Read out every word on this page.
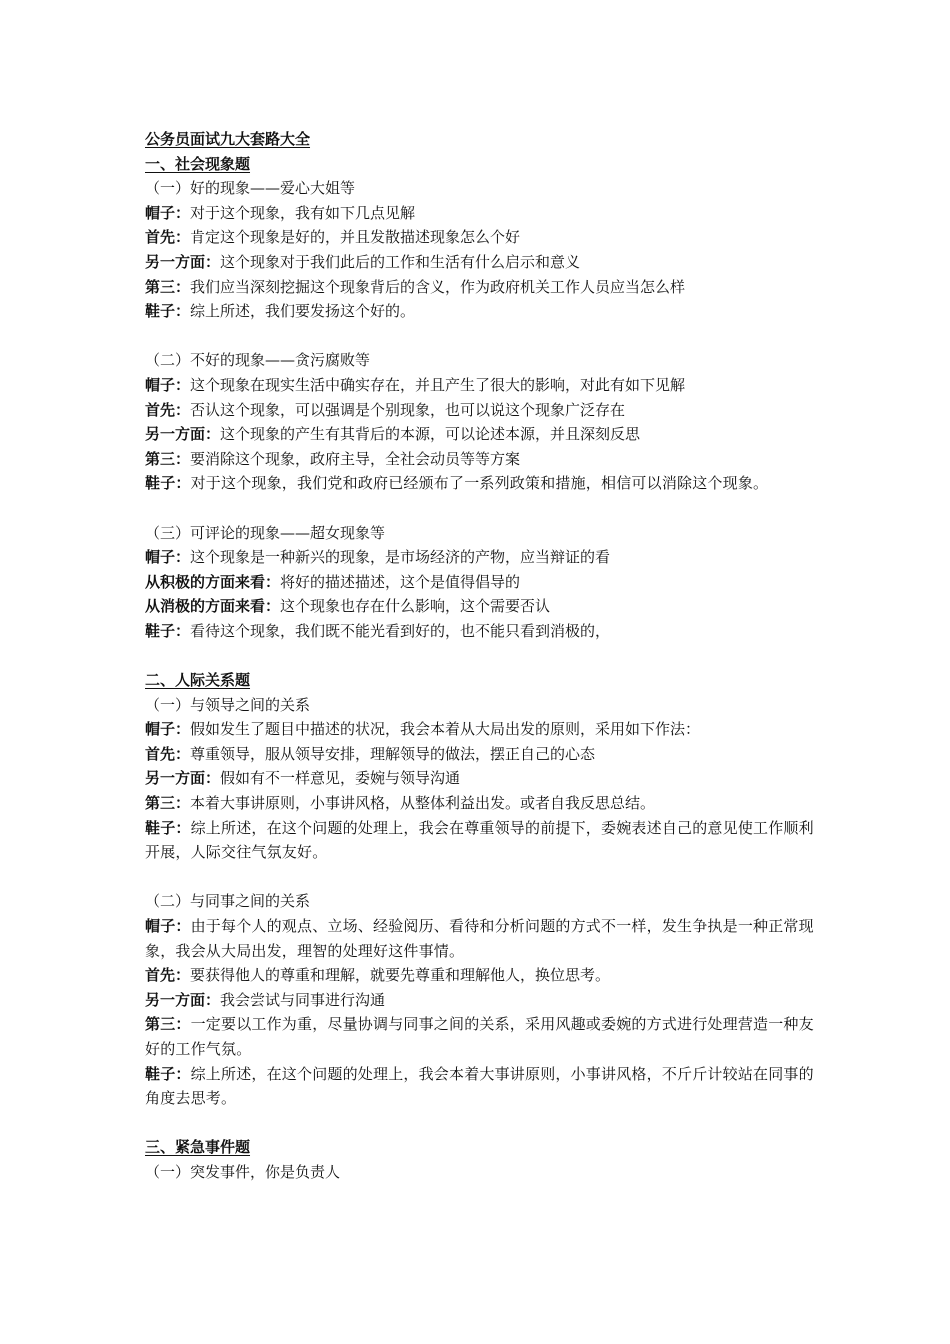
公务员面试九大套路大全

一、社会现象题

（一）好的现象——爱心大姐等

帽子：对于这个现象，我有如下几点见解

首先：肯定这个现象是好的，并且发散描述现象怎么个好

另一方面：这个现象对于我们此后的工作和生活有什么启示和意义

第三：我们应当深刻挖掘这个现象背后的含义，作为政府机关工作人员应当怎么样

鞋子：综上所述，我们要发扬这个好的。

（二）不好的现象——贪污腐败等

帽子：这个现象在现实生活中确实存在，并且产生了很大的影响，对此有如下见解

首先：否认这个现象，可以强调是个别现象，也可以说这个现象广泛存在

另一方面：这个现象的产生有其背后的本源，可以论述本源，并且深刻反思

第三：要消除这个现象，政府主导，全社会动员等等方案

鞋子：对于这个现象，我们党和政府已经颁布了一系列政策和措施，相信可以消除这个现象。

（三）可评论的现象——超女现象等

帽子：这个现象是一种新兴的现象，是市场经济的产物，应当辩证的看

从积极的方面来看：将好的描述描述，这个是值得倡导的

从消极的方面来看：这个现象也存在什么影响，这个需要否认

鞋子：看待这个现象，我们既不能光看到好的，也不能只看到消极的，

二、人际关系题

（一）与领导之间的关系

帽子：假如发生了题目中描述的状况，我会本着从大局出发的原则，采用如下作法：

首先：尊重领导，服从领导安排，理解领导的做法，摆正自己的心态

另一方面：假如有不一样意见，委婉与领导沟通

第三：本着大事讲原则，小事讲风格，从整体利益出发。或者自我反思总结。

鞋子：综上所述，在这个问题的处理上，我会在尊重领导的前提下，委婉表述自己的意见使工作顺利开展，人际交往气氛友好。

（二）与同事之间的关系

帽子：由于每个人的观点、立场、经验阅历、看待和分析问题的方式不一样，发生争执是一种正常现象，我会从大局出发，理智的处理好这件事情。

首先：要获得他人的尊重和理解，就要先尊重和理解他人，换位思考。

另一方面：我会尝试与同事进行沟通

第三：一定要以工作为重，尽量协调与同事之间的关系，采用风趣或委婉的方式进行处理营造一种友好的工作气氛。

鞋子：综上所述，在这个问题的处理上，我会本着大事讲原则，小事讲风格，不斤斤计较站在同事的角度去思考。

三、紧急事件题

（一）突发事件，你是负责人
